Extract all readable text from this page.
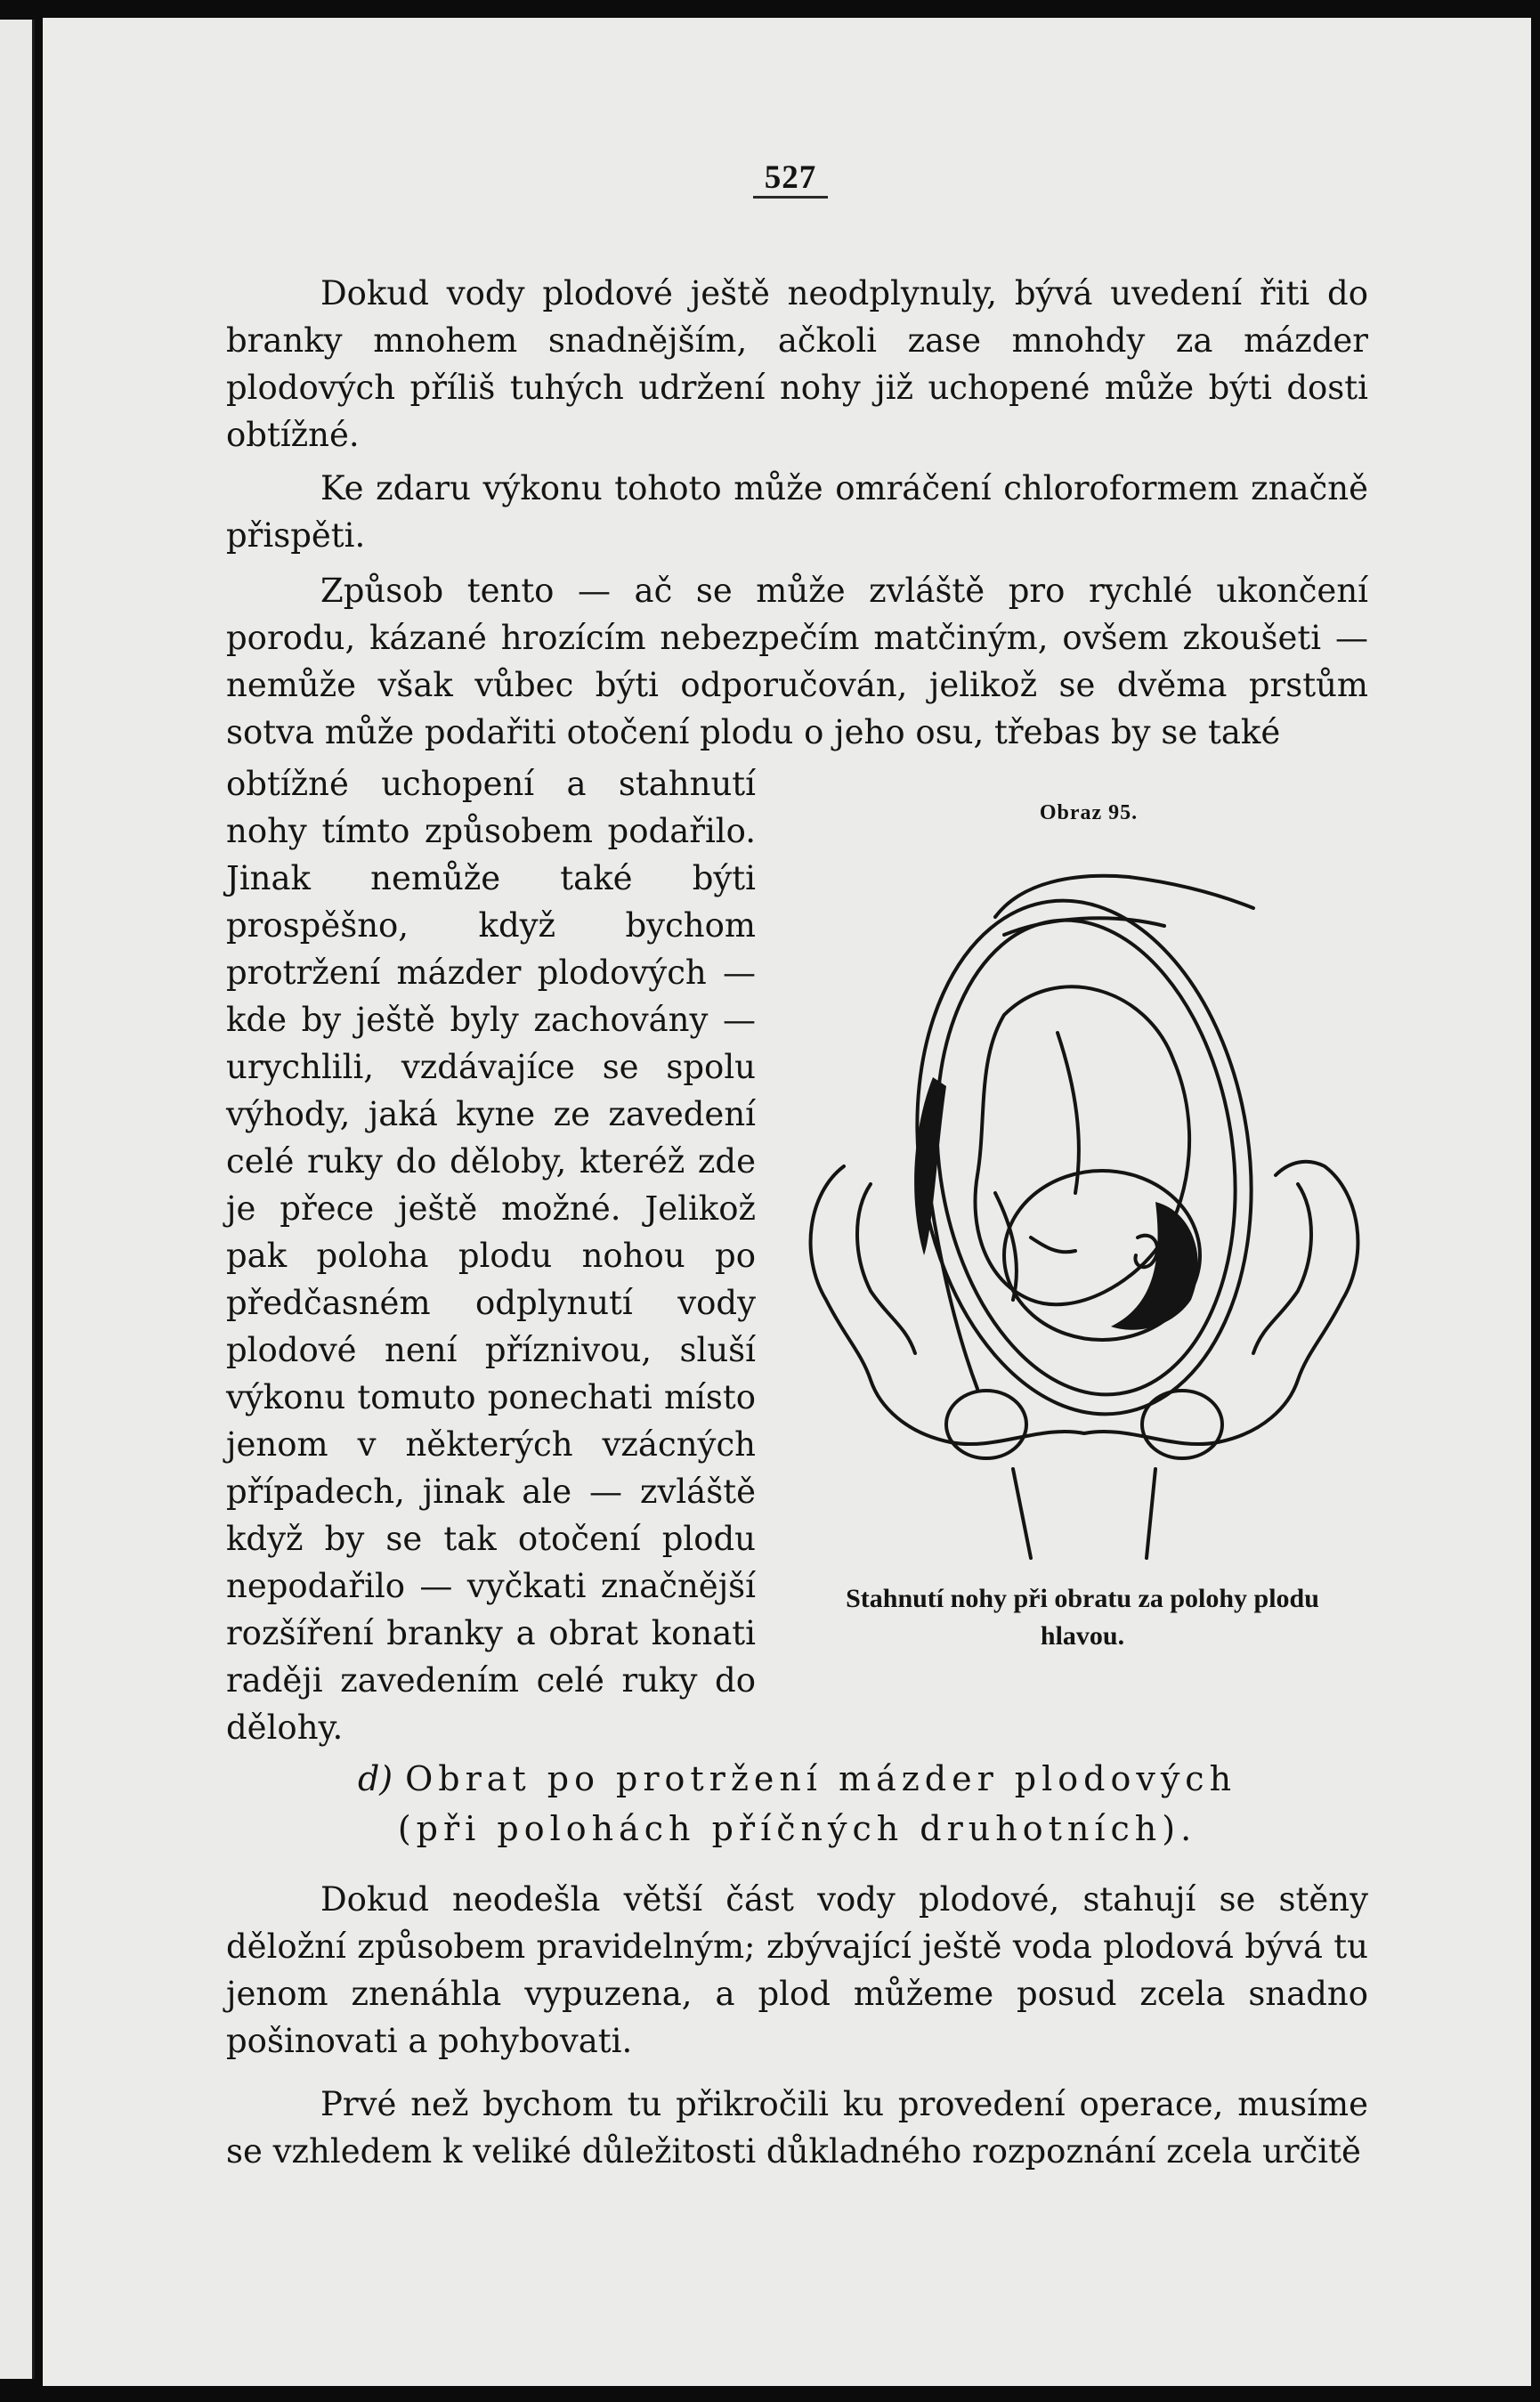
527

Dokud vody plodové ještě neodplynuly, bývá uvedení řiti do branky mnohem snadnějším, ačkoli zase mnohdy za mázder plodových příliš tuhých udržení nohy již uchopené může býti dosti obtížné.

Ke zdaru výkonu tohoto může omráčení chloroformem značně přispěti.

Způsob tento — ač se může zvláště pro rychlé ukončení porodu, kázané hrozícím nebezpečím matčiným, ovšem zkoušeti — nemůže však vůbec býti odporučován, jelikož se dvěma prstům sotva může podařiti otočení plodu o jeho osu, třebas by se také

obtížné uchopení a stahnutí nohy tímto způsobem podařilo. Jinak nemůže také býti prospěšno, když bychom protržení mázder plodových — kde by ještě byly zachovány — urychlili, vzdávajíce se spolu výhody, jaká kyne ze zavedení celé ruky do děloby, kteréž zde je přece ještě možné. Jelikož pak poloha plodu nohou po předčasném odplynutí vody plodové není příznivou, sluší výkonu tomuto ponechati místo jenom v některých vzácných případech, jinak ale — zvláště když by se tak otočení plodu nepodařilo — vyčkati značnější rozšíření branky a obrat konati raději zavedením celé ruky do dělohy.

Obraz 95.
Stahnutí nohy při obratu za polohy plodu hlavou.
d) Obrat po protržení mázder plodových
(při polohách příčných druhotních).

Dokud neodešla větší část vody plodové, stahují se stěny děložní způsobem pravidelným; zbývající ještě voda plodová bývá tu jenom znenáhla vypuzena, a plod můžeme posud zcela snadno pošinovati a pohybovati.

Prvé než bychom tu přikročili ku provedení operace, musíme se vzhledem k veliké důležitosti důkladného rozpoznání zcela určitě
